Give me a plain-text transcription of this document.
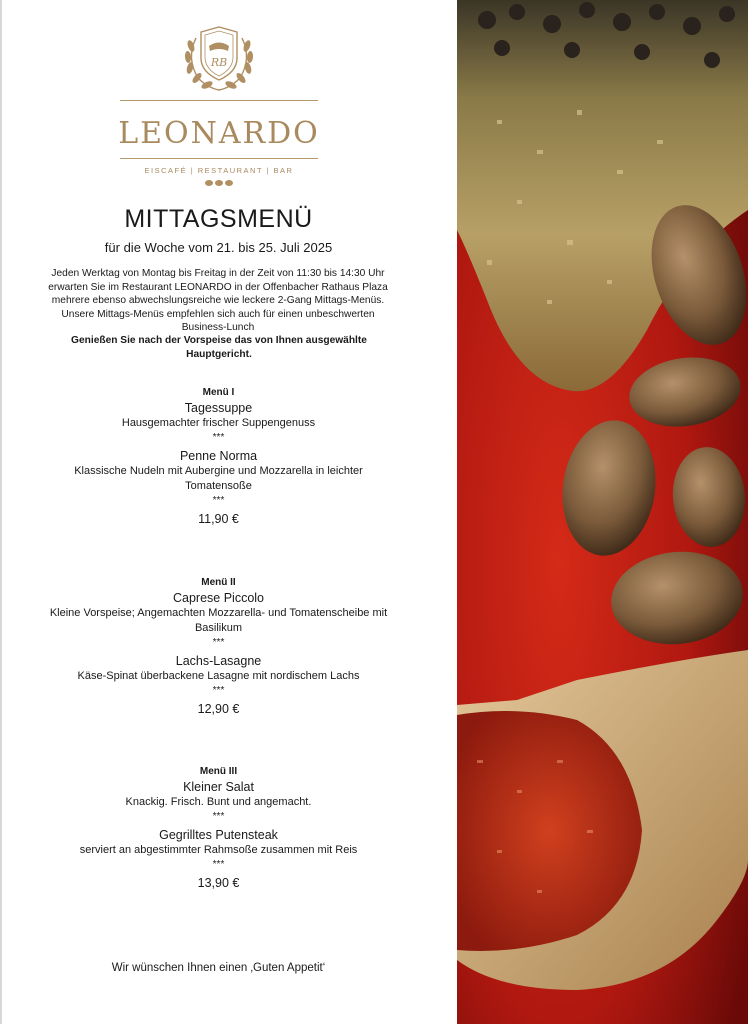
RB
LEONARDO
EISCAFÉ | RESTAURANT | BAR
MITTAGSMENÜ
für die Woche vom 21. bis 25. Juli 2025
Jeden Werktag von Montag bis Freitag in der Zeit von 11:30 bis 14:30 Uhr erwarten Sie im Restaurant LEONARDO in der Offenbacher Rathaus Plaza mehrere ebenso abwechslungsreiche wie leckere 2-Gang Mittags-Menüs. Unsere Mittags-Menüs empfehlen sich auch für einen unbeschwerten Business-Lunch
Genießen Sie nach der Vorspeise das von Ihnen ausgewählte Hauptgericht.
Menü I
Tagessuppe
Hausgemachter frischer Suppengenuss
***
Penne Norma
Klassische Nudeln mit Aubergine und Mozzarella in leichter Tomatensoße
***
11,90 €
Menü II
Caprese Piccolo
Kleine Vorspeise; Angemachten Mozzarella- und Tomatenscheibe mit Basilikum
***
Lachs-Lasagne
Käse-Spinat überbackene Lasagne mit nordischem Lachs
***
12,90 €
Menü III
Kleiner Salat
Knackig. Frisch. Bunt und angemacht.
***
Gegrilltes Putensteak
serviert an abgestimmter Rahmsoße zusammen mit Reis
***
13,90 €
Wir wünschen Ihnen einen ‚Guten Appetit‘
